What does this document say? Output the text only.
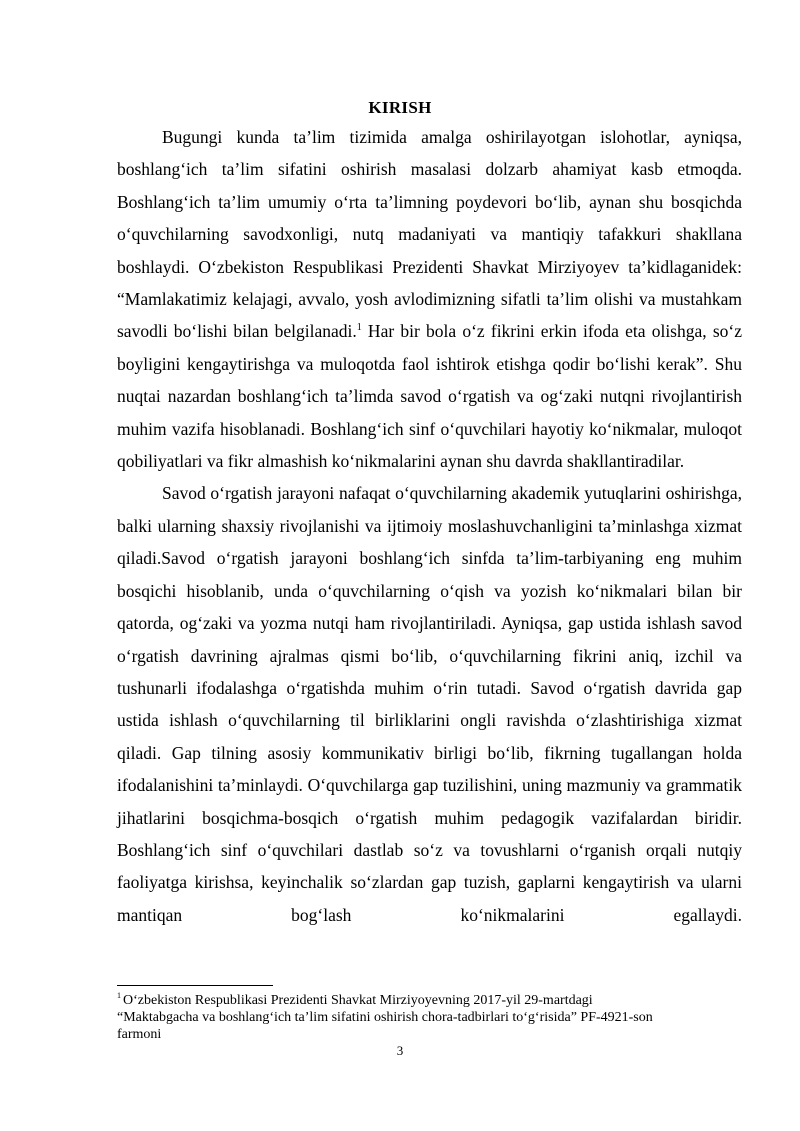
KIRISH

Bugungi kunda ta’lim tizimida amalga oshirilayotgan islohotlar, ayniqsa, boshlang‘ich ta’lim sifatini oshirish masalasi dolzarb ahamiyat kasb etmoqda. Boshlang‘ich ta’lim umumiy o‘rta ta’limning poydevori bo‘lib, aynan shu bosqichda o‘quvchilarning savodxonligi, nutq madaniyati va mantiqiy tafakkuri shakllana boshlaydi. O‘zbekiston Respublikasi Prezidenti Shavkat Mirziyoyev ta’kidlaganidek: “Mamlakatimiz kelajagi, avvalo, yosh avlodimizning sifatli ta’lim olishi va mustahkam savodli bo‘lishi bilan belgilanadi.$^1$ Har bir bola o‘z fikrini erkin ifoda eta olishga, so‘z boyligini kengaytirishga va muloqotda faol ishtirok etishga qodir bo‘lishi kerak”. Shu nuqtai nazardan boshlang‘ich ta’limda savod o‘rgatish va og‘zaki nutqni rivojlantirish muhim vazifa hisoblanadi. Boshlang‘ich sinf o‘quvchilari hayotiy ko‘nikmalar, muloqot qobiliyatlari va fikr almashish ko‘nikmalarini aynan shu davrda shakllantiradilar.

Savod o‘rgatish jarayoni nafaqat o‘quvchilarning akademik yutuqlarini oshirishga, balki ularning shaxsiy rivojlanishi va ijtimoiy moslashuvchanligini ta’minlashga xizmat qiladi.Savod o‘rgatish jarayoni boshlang‘ich sinfda ta’lim-tarbiyaning eng muhim bosqichi hisoblanib, unda o‘quvchilarning o‘qish va yozish ko‘nikmalari bilan bir qatorda, og‘zaki va yozma nutqi ham rivojlantiriladi. Ayniqsa, gap ustida ishlash savod o‘rgatish davrining ajralmas qismi bo‘lib, o‘quvchilarning fikrini aniq, izchil va tushunarli ifodalashga o‘rgatishda muhim o‘rin tutadi. Savod o‘rgatish davrida gap ustida ishlash o‘quvchilarning til birliklarini ongli ravishda o‘zlashtirishiga xizmat qiladi. Gap tilning asosiy kommunikativ birligi bo‘lib, fikrning tugallangan holda ifodalanishini ta’minlaydi. O‘quvchilarga gap tuzilishini, uning mazmuniy va grammatik jihatlarini bosqichma-bosqich o‘rgatish muhim pedagogik vazifalardan biridir. Boshlang‘ich sinf o‘quvchilari dastlab so‘z va tovushlarni o‘rganish orqali nutqiy faoliyatga kirishsa, keyinchalik so‘zlardan gap tuzish, gaplarni kengaytirish va ularni mantiqan bog‘lash ko‘nikmalarini egallaydi.

$^1$ O‘zbekiston Respublikasi Prezidenti Shavkat Mirziyoyevning 2017-yil 29-martdagi “Maktabgacha va boshlang‘ich ta’lim sifatini oshirish chora-tadbirlari to‘g‘risida” PF-4921-son farmoni
3
